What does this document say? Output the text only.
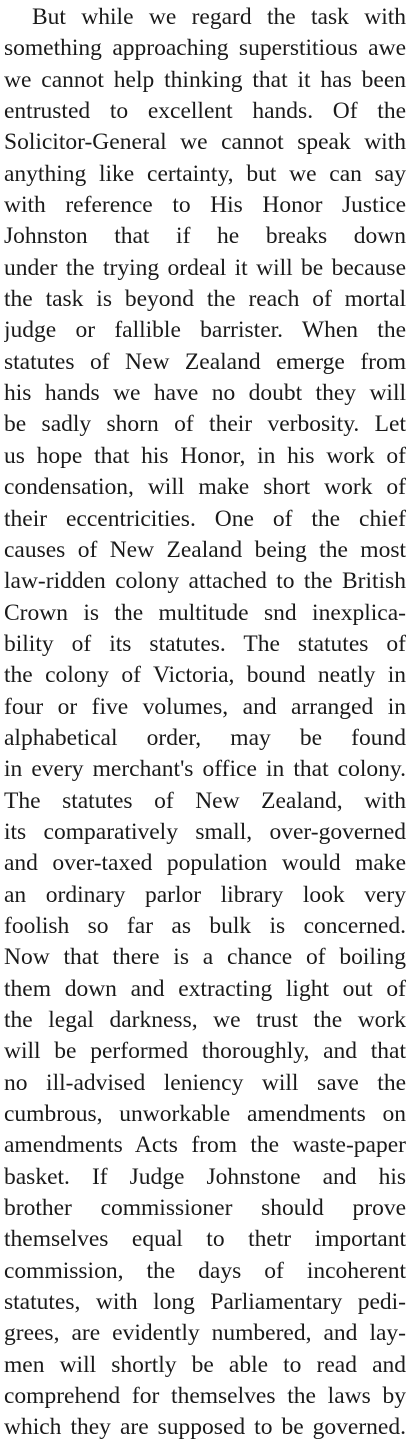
But while we regard the task with
something approaching superstitious awe
we cannot help thinking that it has been
entrusted to excellent hands. Of the
Solicitor-General we cannot speak with
anything like certainty, but we can say
with reference to His Honor Justice
Johnston that if he breaks down
under the trying ordeal it will be because
the task is beyond the reach of mortal
judge or fallible barrister. When the
statutes of New Zealand emerge from
his hands we have no doubt they will
be sadly shorn of their verbosity. Let
us hope that his Honor, in his work of
condensation, will make short work of
their eccentricities. One of the chief
causes of New Zealand being the most
law-ridden colony attached to the British
Crown is the multitude snd inexplica-
bility of its statutes. The statutes of
the colony of Victoria, bound neatly in
four or five volumes, and arranged in
alphabetical order, may be found
in every merchant's office in that colony.
The statutes of New Zealand, with
its comparatively small, over-governed
and over-taxed population would make
an ordinary parlor library look very
foolish so far as bulk is concerned.
Now that there is a chance of boiling
them down and extracting light out of
the legal darkness, we trust the work
will be performed thoroughly, and that
no ill-advised leniency will save the
cumbrous, unworkable amendments on
amendments Acts from the waste-paper
basket. If Judge Johnstone and his
brother commissioner should prove
themselves equal to thetr important
commission, the days of incoherent
statutes, with long Parliamentary pedi-
grees, are evidently numbered, and lay-
men will shortly be able to read and
comprehend for themselves the laws by
which they are supposed to be governed.
